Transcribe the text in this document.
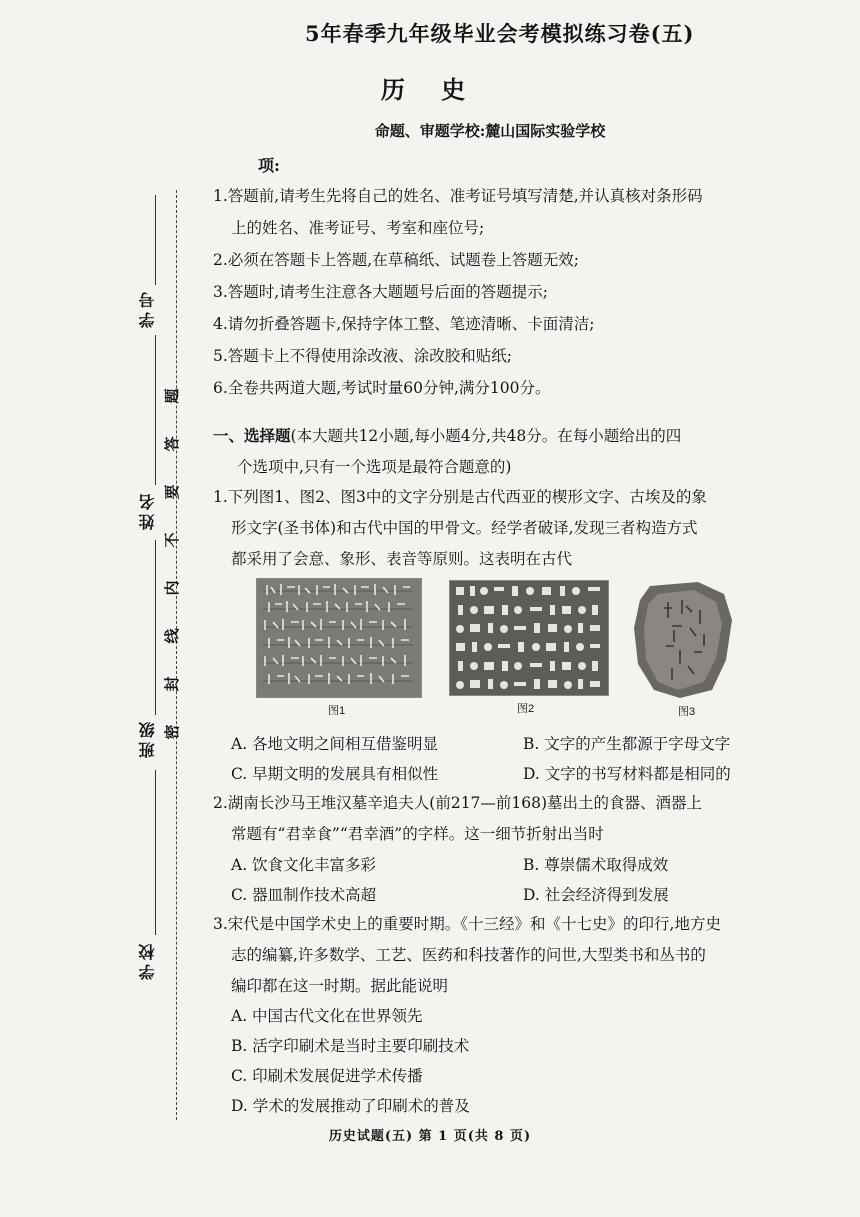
5年春季九年级毕业会考模拟练习卷(五)
历 史
命题、审题学校:麓山国际实验学校
学号
姓名
班级
学校
题
答
要
不
内
线
封
密
项:
1.答题前,请考生先将自己的姓名、准考证号填写清楚,并认真核对条形码
上的姓名、准考证号、考室和座位号;
2.必须在答题卡上答题,在草稿纸、试题卷上答题无效;
3.答题时,请考生注意各大题题号后面的答题提示;
4.请勿折叠答题卡,保持字体工整、笔迹清晰、卡面清洁;
5.答题卡上不得使用涂改液、涂改胶和贴纸;
6.全卷共两道大题,考试时量60分钟,满分100分。
一、选择题(本大题共12小题,每小题4分,共48分。在每小题给出的四
个选项中,只有一个选项是最符合题意的)
1.下列图1、图2、图3中的文字分别是古代西亚的楔形文字、古埃及的象
形文字(圣书体)和古代中国的甲骨文。经学者破译,发现三者构造方式
都采用了会意、象形、表音等原则。这表明在古代
图1	图2	图3
A. 各地文明之间相互借鉴明显	B. 文字的产生都源于字母文字
C. 早期文明的发展具有相似性	D. 文字的书写材料都是相同的
2.湖南长沙马王堆汉墓辛追夫人(前217—前168)墓出土的食器、酒器上
常题有“君幸食”“君幸酒”的字样。这一细节折射出当时
A. 饮食文化丰富多彩	B. 尊崇儒术取得成效
C. 器皿制作技术高超	D. 社会经济得到发展
3.宋代是中国学术史上的重要时期。《十三经》和《十七史》的印行,地方史
志的编纂,许多数学、工艺、医药和科技著作的问世,大型类书和丛书的
编印都在这一时期。据此能说明
A. 中国古代文化在世界领先
B. 活字印刷术是当时主要印刷技术
C. 印刷术发展促进学术传播
D. 学术的发展推动了印刷术的普及
历史试题(五) 第 1 页(共 8 页)
